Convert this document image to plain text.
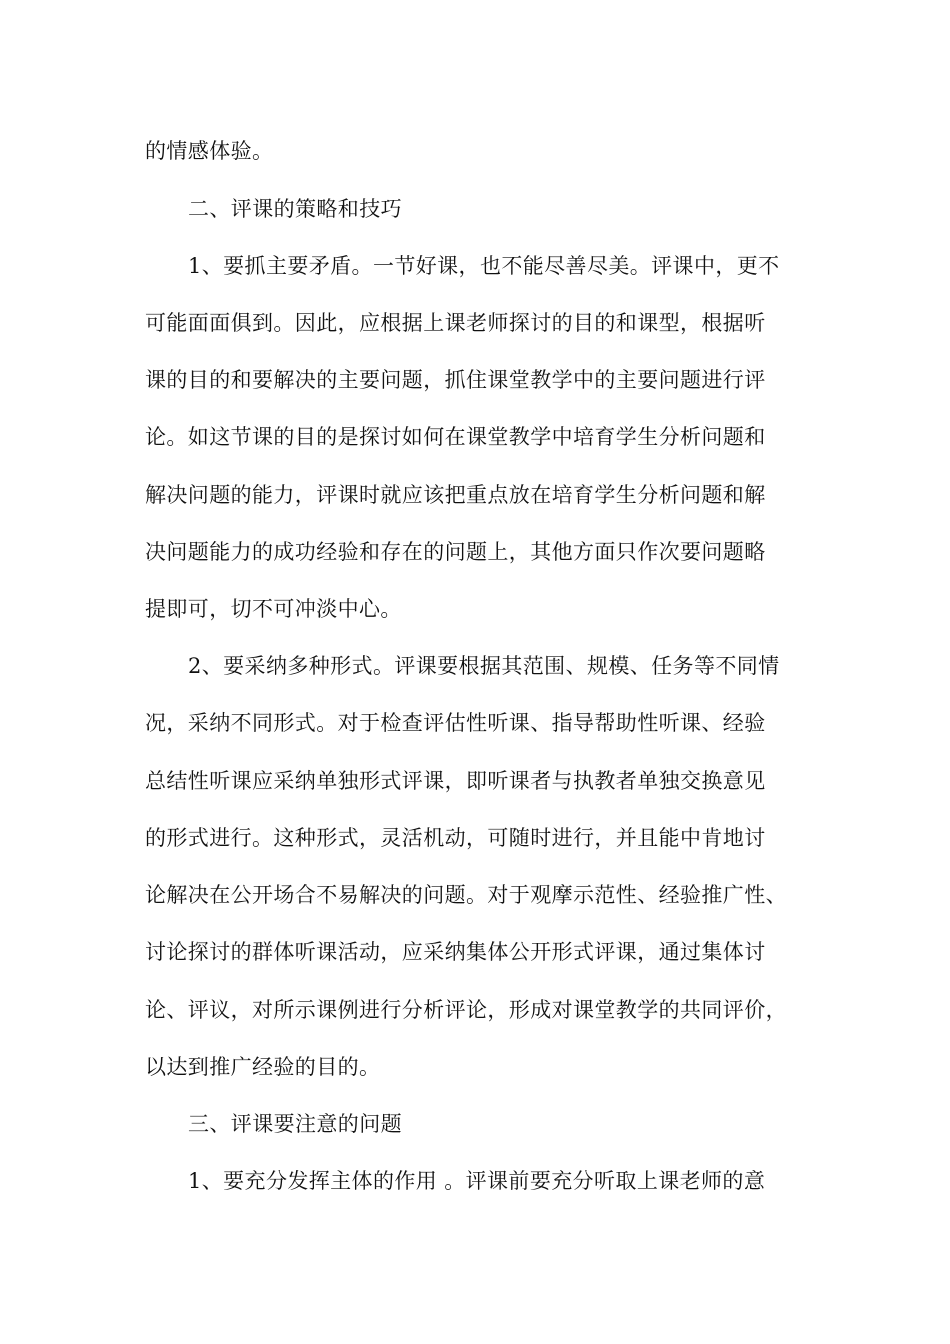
的情感体验。
二、评课的策略和技巧
1、要抓主要矛盾。一节好课，也不能尽善尽美。评课中，更不
可能面面俱到。因此，应根据上课老师探讨的目的和课型，根据听
课的目的和要解决的主要问题，抓住课堂教学中的主要问题进行评
论。如这节课的目的是探讨如何在课堂教学中培育学生分析问题和
解决问题的能力，评课时就应该把重点放在培育学生分析问题和解
决问题能力的成功经验和存在的问题上，其他方面只作次要问题略
提即可，切不可冲淡中心。
2、要采纳多种形式。评课要根据其范围、规模、任务等不同情
况，采纳不同形式。对于检查评估性听课、指导帮助性听课、经验
总结性听课应采纳单独形式评课，即听课者与执教者单独交换意见
的形式进行。这种形式，灵活机动，可随时进行，并且能中肯地讨
论解决在公开场合不易解决的问题。对于观摩示范性、经验推广性、
讨论探讨的群体听课活动，应采纳集体公开形式评课，通过集体讨
论、评议，对所示课例进行分析评论，形成对课堂教学的共同评价，
以达到推广经验的目的。
三、评课要注意的问题
1、要充分发挥主体的作用 。评课前要充分听取上课老师的意
